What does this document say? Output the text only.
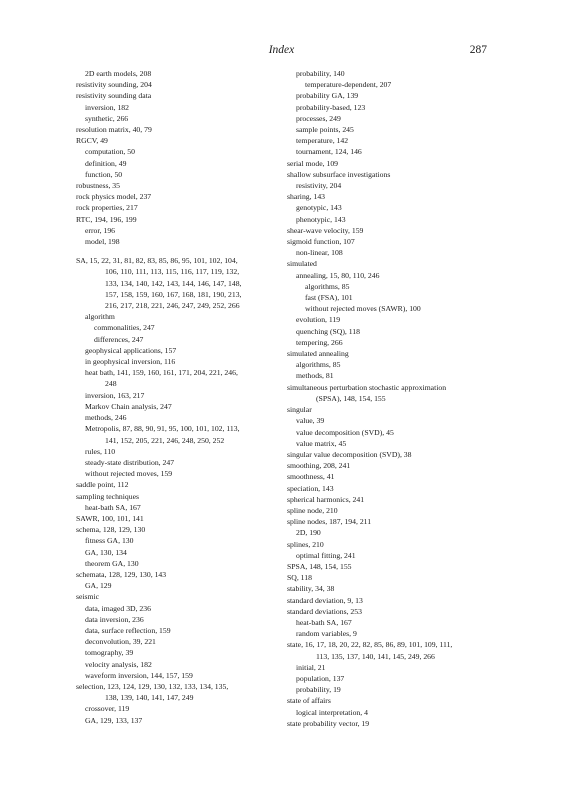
Index	287
2D earth models, 208
resistivity sounding, 204
resistivity sounding data
inversion, 182
synthetic, 266
resolution matrix, 40, 79
RGCV, 49
computation, 50
definition, 49
function, 50
robustness, 35
rock physics model, 237
rock properties, 217
RTC, 194, 196, 199
error, 196
model, 198
SA, 15, 22, 31, 81, 82, 83, 85, 86, 95, 101, 102, 104,
106, 110, 111, 113, 115, 116, 117, 119, 132,
133, 134, 140, 142, 143, 144, 146, 147, 148,
157, 158, 159, 160, 167, 168, 181, 190, 213,
216, 217, 218, 221, 246, 247, 249, 252, 266
algorithm
commonalities, 247
differences, 247
geophysical applications, 157
in geophysical inversion, 116
heat bath, 141, 159, 160, 161, 171, 204, 221, 246,
248
inversion, 163, 217
Markov Chain analysis, 247
methods, 246
Metropolis, 87, 88, 90, 91, 95, 100, 101, 102, 113,
141, 152, 205, 221, 246, 248, 250, 252
rules, 110
steady-state distribution, 247
without rejected moves, 159
saddle point, 112
sampling techniques
heat-bath SA, 167
SAWR, 100, 101, 141
schema, 128, 129, 130
fitness GA, 130
GA, 130, 134
theorem GA, 130
schemata, 128, 129, 130, 143
GA, 129
seismic
data, imaged 3D, 236
data inversion, 236
data, surface reflection, 159
deconvolution, 39, 221
tomography, 39
velocity analysis, 182
waveform inversion, 144, 157, 159
selection, 123, 124, 129, 130, 132, 133, 134, 135,
138, 139, 140, 141, 147, 249
crossover, 119
GA, 129, 133, 137
probability, 140
temperature-dependent, 207
probability GA, 139
probability-based, 123
processes, 249
sample points, 245
temperature, 142
tournament, 124, 146
serial mode, 109
shallow subsurface investigations
resistivity, 204
sharing, 143
genotypic, 143
phenotypic, 143
shear-wave velocity, 159
sigmoid function, 107
non-linear, 108
simulated
annealing, 15, 80, 110, 246
algorithms, 85
fast (FSA), 101
without rejected moves (SAWR), 100
evolution, 119
quenching (SQ), 118
tempering, 266
simulated annealing
algorithms, 85
methods, 81
simultaneous perturbation stochastic approximation
(SPSA), 148, 154, 155
singular
value, 39
value decomposition (SVD), 45
value matrix, 45
singular value decomposition (SVD), 38
smoothing, 208, 241
smoothness, 41
speciation, 143
spherical harmonics, 241
spline node, 210
spline nodes, 187, 194, 211
2D, 190
splines, 210
optimal fitting, 241
SPSA, 148, 154, 155
SQ, 118
stability, 34, 38
standard deviation, 9, 13
standard deviations, 253
heat-bath SA, 167
random variables, 9
state, 16, 17, 18, 20, 22, 82, 85, 86, 89, 101, 109, 111,
113, 135, 137, 140, 141, 145, 249, 266
initial, 21
population, 137
probability, 19
state of affairs
logical interpretation, 4
state probability vector, 19
